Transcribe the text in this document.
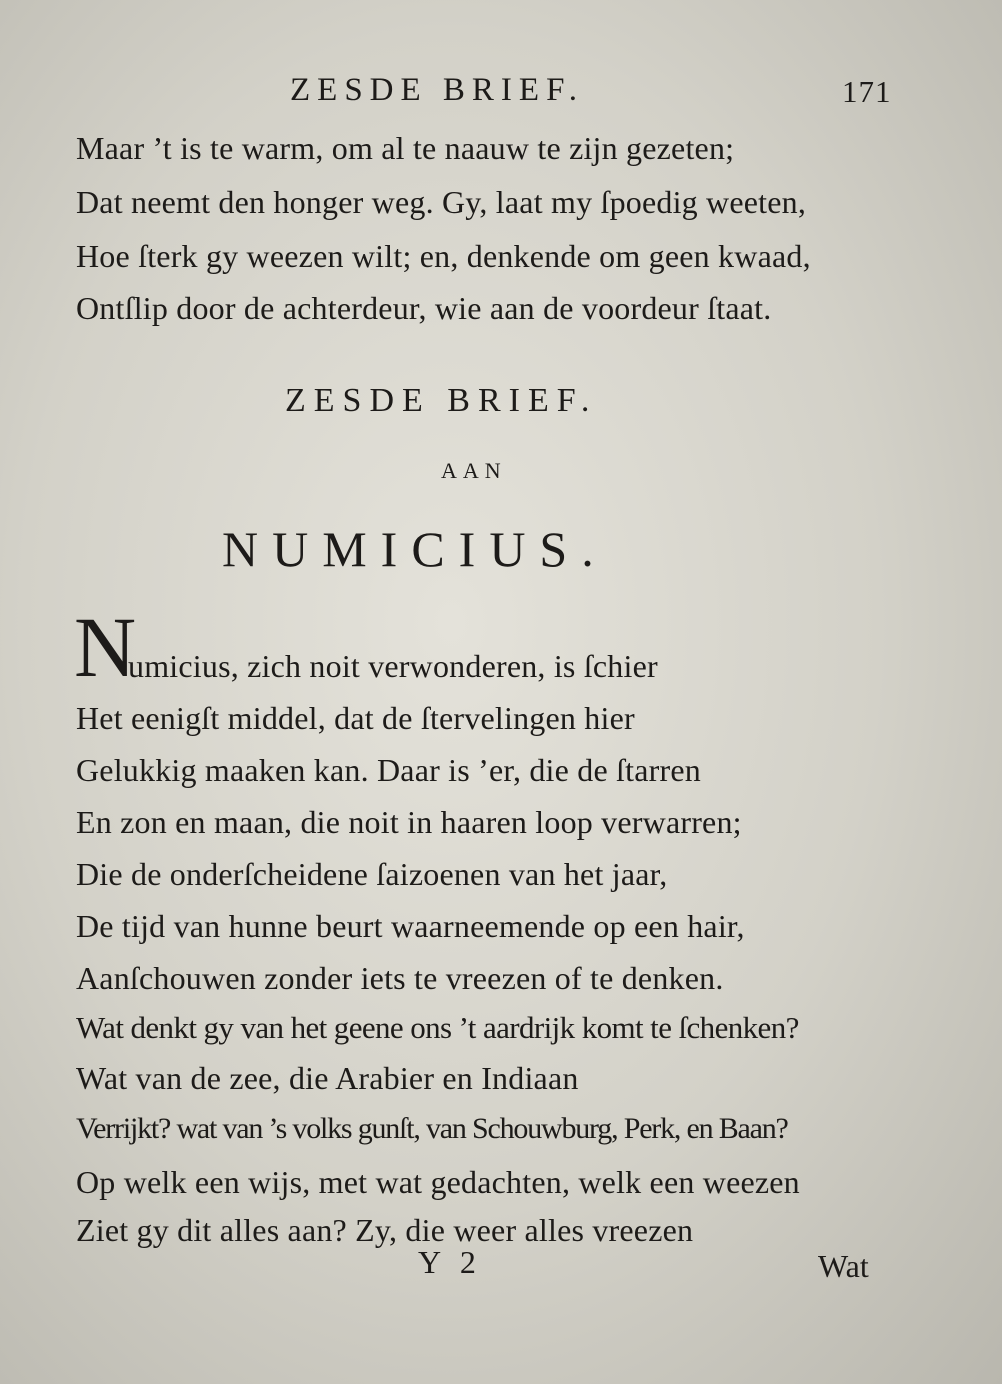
ZESDE BRIEF.	171
Maar ’t is te warm, om al te naauw te zijn gezeten;
Dat neemt den honger weg. Gy, laat my ſpoedig weeten,
Hoe ſterk gy weezen wilt; en, denkende om geen kwaad,
Ontſlip door de achterdeur, wie aan de voordeur ſtaat.
ZESDE BRIEF.
AAN
NUMICIUS.
N
umicius, zich noit verwonderen, is ſchier
Het eenigſt middel, dat de ſtervelingen hier
Gelukkig maaken kan. Daar is ’er, die de ſtarren
En zon en maan, die noit in haaren loop verwarren;
Die de onderſcheidene ſaizoenen van het jaar,
De tijd van hunne beurt waarneemende op een hair,
Aanſchouwen zonder iets te vreezen of te denken.
Wat denkt gy van het geene ons ’t aardrijk komt te ſchenken?
Wat van de zee, die Arabier en Indiaan
Verrijkt? wat van ’s volks gunſt, van Schouwburg, Perk, en Baan?
Op welk een wijs, met wat gedachten, welk een weezen
Ziet gy dit alles aan? Zy, die weer alles vreezen
Y 2	Wat
